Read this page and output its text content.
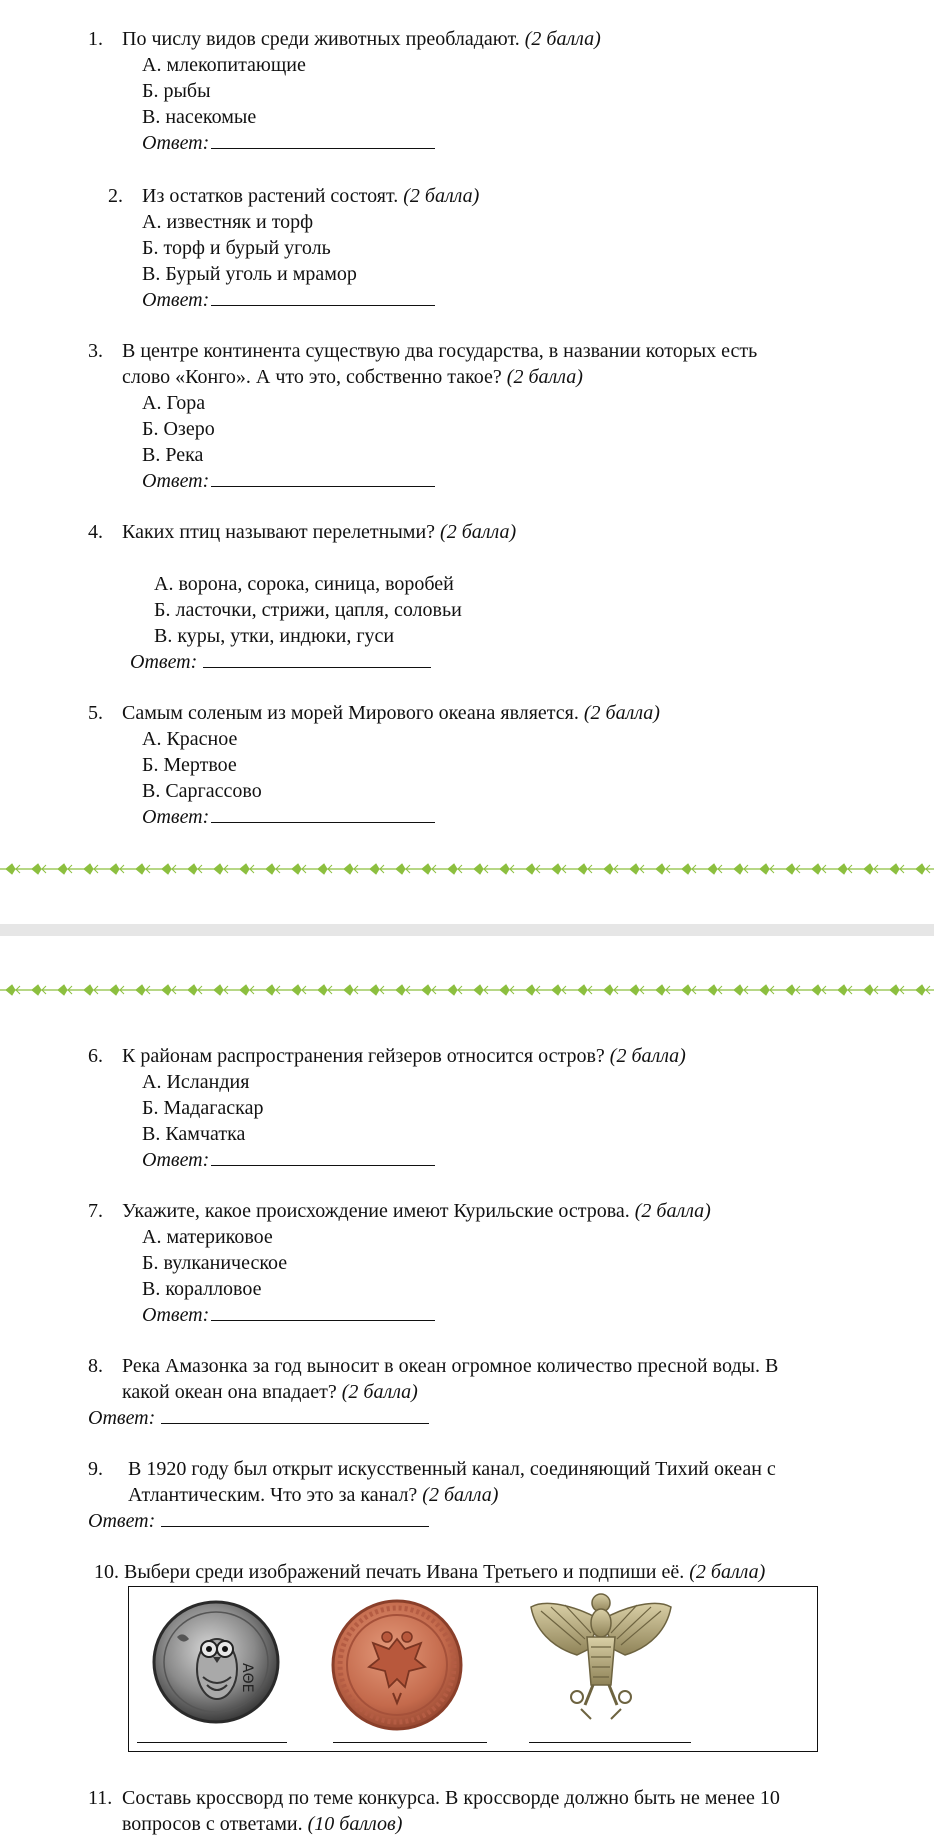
1. По числу видов среди животных преобладают. (2 балла)
А. млекопитающие
Б. рыбы
В. насекомые
Ответ:
2. Из остатков растений состоят. (2 балла)
А. известняк и торф
Б. торф и бурый уголь
В. Бурый уголь и мрамор
Ответ:
3. В центре континента существую два государства, в названии которых есть
слово «Конго». А что это, собственно такое? (2 балла)
А. Гора
Б. Озеро
В. Река
Ответ:
4. Каких птиц называют перелетными? (2 балла)
А. ворона, сорока, синица, воробей
Б. ласточки, стрижи, цапля, соловьи
В. куры, утки, индюки, гуси
Ответ:
5. Самым соленым из морей Мирового океана является. (2 балла)
А. Красное
Б. Мертвое
В. Саргассово
Ответ:
6. К районам распространения гейзеров относится остров? (2 балла)
А. Исландия
Б. Мадагаскар
В. Камчатка
Ответ:
7. Укажите, какое происхождение имеют Курильские острова. (2 балла)
А. материковое
Б. вулканическое
В. коралловое
Ответ:
8. Река Амазонка за год выносит в океан огромное количество пресной воды. В
какой океан она впадает? (2 балла)
Ответ:
9. В 1920 году был открыт искусственный канал, соединяющий Тихий океан с
Атлантическим. Что это за канал? (2 балла)
Ответ:
10. Выбери среди изображений печать Ивана Третьего и подпиши её. (2 балла)
ΑΘΕ
11. Составь кроссворд по теме конкурса. В кроссворде должно быть не менее 10
вопросов с ответами. (10 баллов)
